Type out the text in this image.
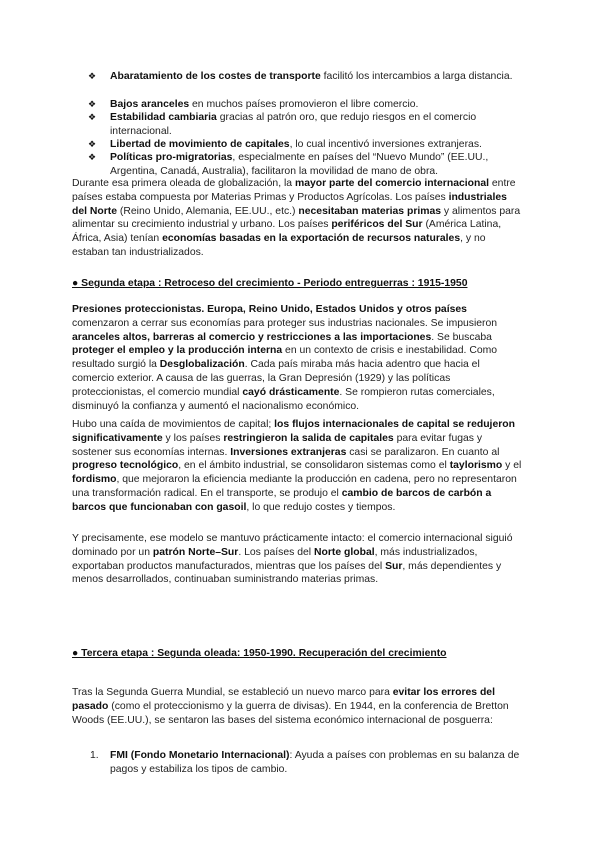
❖	Abaratamiento de los costes de transporte facilitó los intercambios a larga distancia.
❖	Bajos aranceles en muchos países promovieron el libre comercio.
❖	Estabilidad cambiaria gracias al patrón oro, que redujo riesgos en el comercio internacional.
❖	Libertad de movimiento de capitales, lo cual incentivó inversiones extranjeras.
❖	Políticas pro-migratorias, especialmente en países del “Nuevo Mundo” (EE.UU., Argentina, Canadá, Australia), facilitaron la movilidad de mano de obra.

Durante esa primera oleada de globalización, la mayor parte del comercio internacional entre países estaba compuesta por Materias Primas y Productos Agrícolas. Los países industriales del Norte (Reino Unido, Alemania, EE.UU., etc.) necesitaban materias primas y alimentos para alimentar su crecimiento industrial y urbano. Los países periféricos del Sur (América Latina, África, Asia) tenían economías basadas en la exportación de recursos naturales, y no estaban tan industrializados.

● Segunda etapa : Retroceso del crecimiento - Periodo entreguerras : 1915-1950

Presiones proteccionistas. Europa, Reino Unido, Estados Unidos y otros países comenzaron a cerrar sus economías para proteger sus industrias nacionales. Se impusieron aranceles altos, barreras al comercio y restricciones a las importaciones. Se buscaba proteger el empleo y la producción interna en un contexto de crisis e inestabilidad. Como resultado surgió la Desglobalización. Cada país miraba más hacia adentro que hacia el comercio exterior. A causa de las guerras, la Gran Depresión (1929) y las políticas proteccionistas, el comercio mundial cayó drásticamente. Se rompieron rutas comerciales, disminuyó la confianza y aumentó el nacionalismo económico.

Hubo una caída de movimientos de capital; los flujos internacionales de capital se redujeron significativamente y los países restringieron la salida de capitales para evitar fugas y sostener sus economías internas. Inversiones extranjeras casi se paralizaron. En cuanto al progreso tecnológico, en el ámbito industrial, se consolidaron sistemas como el taylorismo y el fordismo, que mejoraron la eficiencia mediante la producción en cadena, pero no representaron una transformación radical. En el transporte, se produjo el cambio de barcos de carbón a barcos que funcionaban con gasoil, lo que redujo costes y tiempos.

Y precisamente, ese modelo se mantuvo prácticamente intacto: el comercio internacional siguió dominado por un patrón Norte–Sur. Los países del Norte global, más industrializados, exportaban productos manufacturados, mientras que los países del Sur, más dependientes y menos desarrollados, continuaban suministrando materias primas.

● Tercera etapa : Segunda oleada: 1950-1990. Recuperación del crecimiento

Tras la Segunda Guerra Mundial, se estableció un nuevo marco para evitar los errores del pasado (como el proteccionismo y la guerra de divisas). En 1944, en la conferencia de Bretton Woods (EE.UU.), se sentaron las bases del sistema económico internacional de posguerra:

1.	FMI (Fondo Monetario Internacional): Ayuda a países con problemas en su balanza de pagos y estabiliza los tipos de cambio.
